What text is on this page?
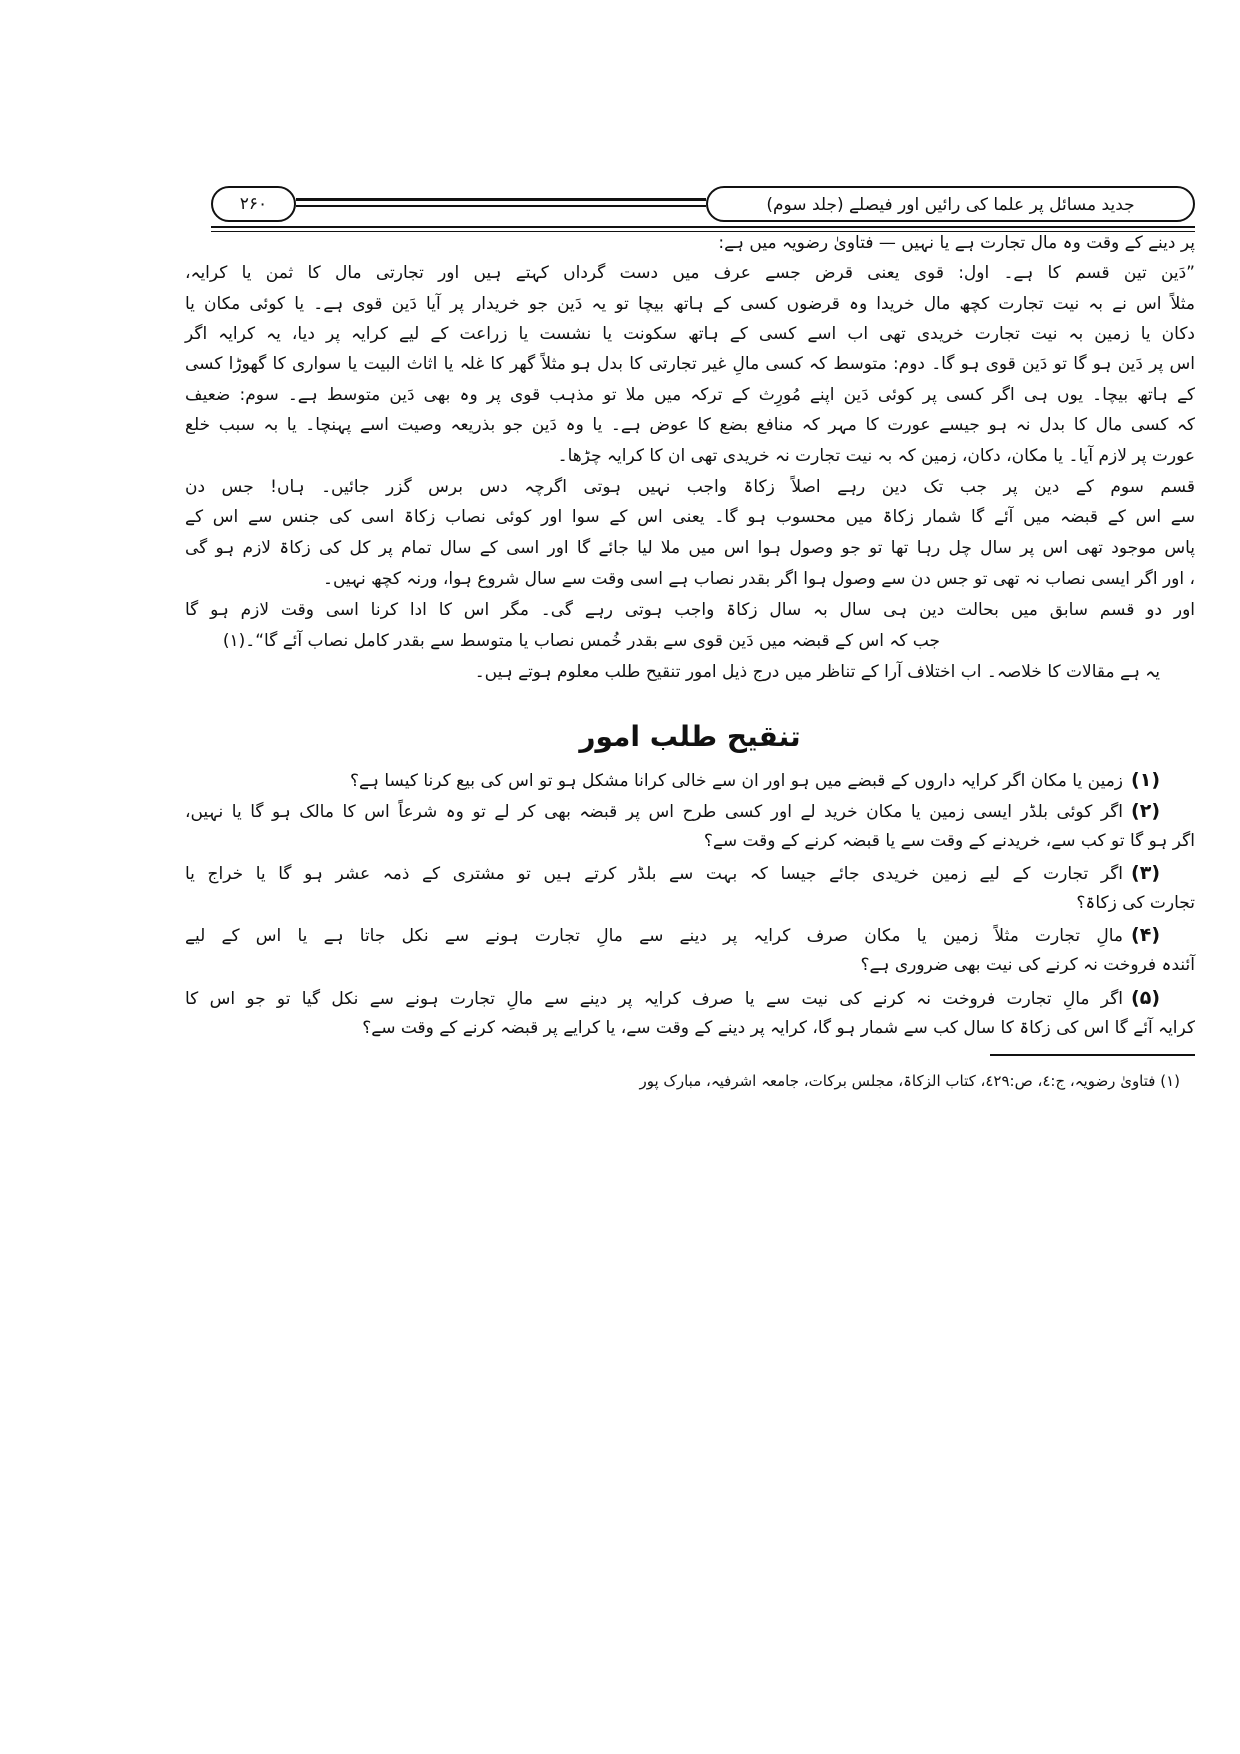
جدید مسائل پر علما کی رائیں اور فیصلے (جلد سوم)
۲۶۰
پر دینے کے وقت وہ مال تجارت ہے یا نہیں — فتاویٰ رضویہ میں ہے:
”دَین تین قسم کا ہے۔ اول: قوی یعنی قرض جسے عرف میں دست گرداں کہتے ہیں اور تجارتی مال کا ثمن یا کرایہ،
مثلاً اس نے بہ نیت تجارت کچھ مال خریدا وہ قرضوں کسی کے ہاتھ بیچا تو یہ دَین جو خریدار پر آیا دَین قوی ہے۔ یا کوئی مکان یا
دکان یا زمین بہ نیت تجارت خریدی تھی اب اسے کسی کے ہاتھ سکونت یا نشست یا زراعت کے لیے کرایہ پر دیا، یہ کرایہ اگر
اس پر دَین ہو گا تو دَین قوی ہو گا۔ دوم: متوسط کہ کسی مالِ غیر تجارتی کا بدل ہو مثلاً گھر کا غلہ یا اثاث البیت یا سواری کا گھوڑا کسی
کے ہاتھ بیچا۔ یوں ہی اگر کسی پر کوئی دَین اپنے مُورِث کے ترکہ میں ملا تو مذہب قوی پر وہ بھی دَین متوسط ہے۔ سوم: ضعیف
کہ کسی مال کا بدل نہ ہو جیسے عورت کا مہر کہ منافع بضع کا عوض ہے۔ یا وہ دَین جو بذریعہ وصیت اسے پہنچا۔ یا بہ سبب خلع
عورت پر لازم آیا۔ یا مکان، دکان، زمین کہ بہ نیت تجارت نہ خریدی تھی ان کا کرایہ چڑھا۔
قسم سوم کے دین پر جب تک دین رہے اصلاً زکاۃ واجب نہیں ہوتی اگرچہ دس برس گزر جائیں۔ ہاں! جس دن
سے اس کے قبضہ میں آئے گا شمار زکاۃ میں محسوب ہو گا۔ یعنی اس کے سوا اور کوئی نصاب زکاۃ اسی کی جنس سے اس کے
پاس موجود تھی اس پر سال چل رہا تھا تو جو وصول ہوا اس میں ملا لیا جائے گا اور اسی کے سال تمام پر کل کی زکاۃ لازم ہو گی
، اور اگر ایسی نصاب نہ تھی تو جس دن سے وصول ہوا اگر بقدر نصاب ہے اسی وقت سے سال شروع ہوا، ورنہ کچھ نہیں۔
اور دو قسم سابق میں بحالت دین ہی سال بہ سال زکاۃ واجب ہوتی رہے گی۔ مگر اس کا ادا کرنا اسی وقت لازم ہو گا
جب کہ اس کے قبضہ میں دَین قوی سے بقدر خُمس نصاب یا متوسط سے بقدر کامل نصاب آئے گا“۔(۱)
یہ ہے مقالات کا خلاصہ۔ اب اختلاف آرا کے تناظر میں درج ذیل امور تنقیح طلب معلوم ہوتے ہیں۔
تنقیح طلب امور
(۱)زمین یا مکان اگر کرایہ داروں کے قبضے میں ہو اور ان سے خالی کرانا مشکل ہو تو اس کی بیع کرنا کیسا ہے؟
(۲)اگر کوئی بلڈر ایسی زمین یا مکان خرید لے اور کسی طرح اس پر قبضہ بھی کر لے تو وہ شرعاً اس کا مالک ہو گا یا نہیں،
اگر ہو گا تو کب سے، خریدنے کے وقت سے یا قبضہ کرنے کے وقت سے؟
(۳)اگر تجارت کے لیے زمین خریدی جائے جیسا کہ بہت سے بلڈر کرتے ہیں تو مشتری کے ذمہ عشر ہو گا یا خراج یا
تجارت کی زکاۃ؟
(۴)مالِ تجارت مثلاً زمین یا مکان صرف کرایہ پر دینے سے مالِ تجارت ہونے سے نکل جاتا ہے یا اس کے لیے
آئندہ فروخت نہ کرنے کی نیت بھی ضروری ہے؟
(۵)اگر مالِ تجارت فروخت نہ کرنے کی نیت سے یا صرف کرایہ پر دینے سے مالِ تجارت ہونے سے نکل گیا تو جو اس کا
کرایہ آئے گا اس کی زکاۃ کا سال کب سے شمار ہو گا، کرایہ پر دینے کے وقت سے، یا کرایے پر قبضہ کرنے کے وقت سے؟
(۱) فتاویٰ رضویہ، ج:٤، ص:٤٢٩، کتاب الزکاۃ، مجلس برکات، جامعہ اشرفیہ، مبارک پور
